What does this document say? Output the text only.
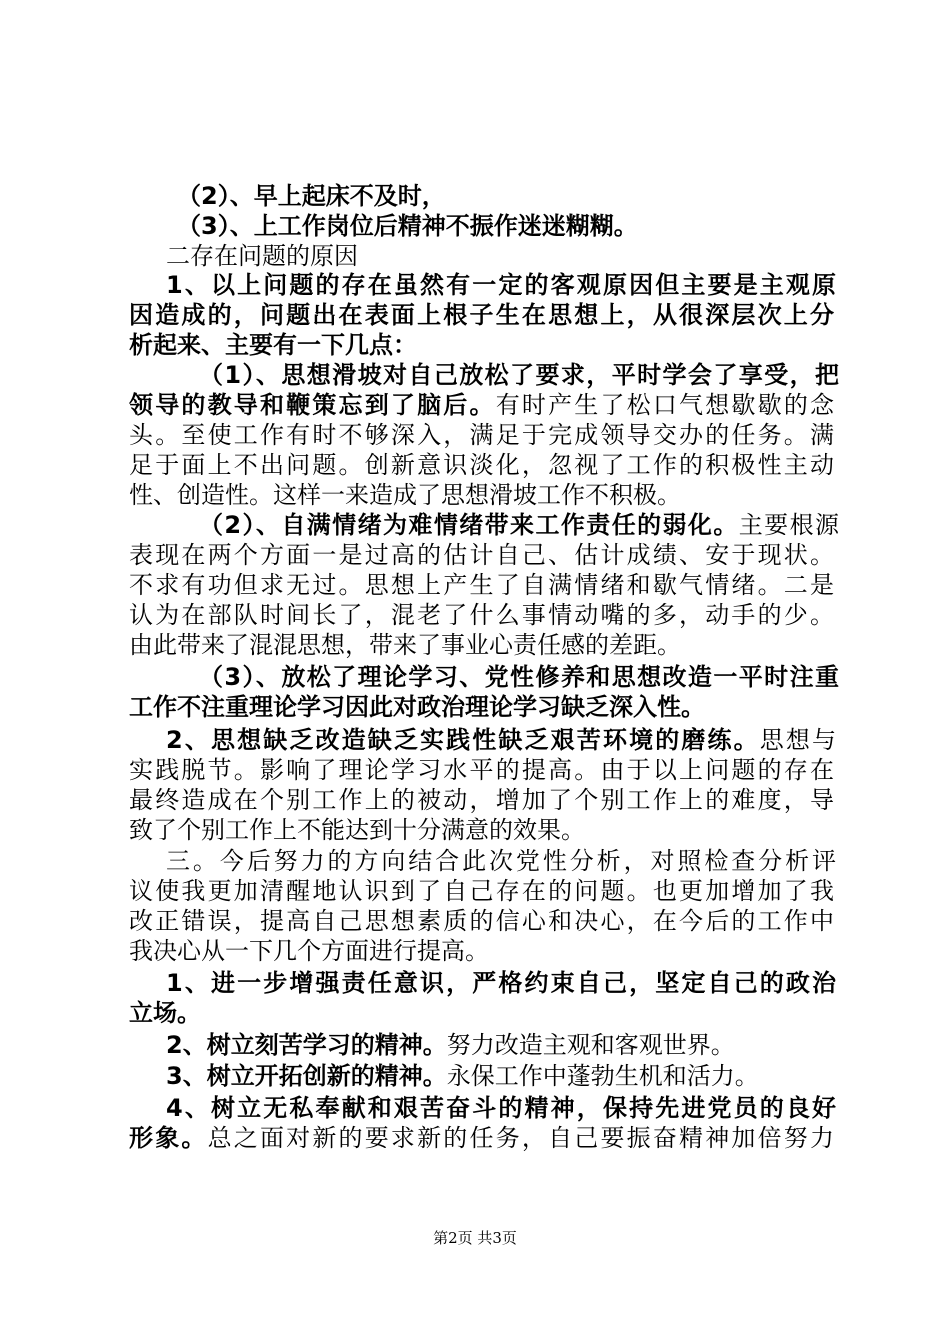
（2）、早上起床不及时，
（3）、上工作岗位后精神不振作迷迷糊糊。
二存在问题的原因
1、以上问题的存在虽然有一定的客观原因但主要是主观原
因造成的，问题出在表面上根子生在思想上，从很深层次上分
析起来、主要有一下几点：
（1）、思想滑坡对自己放松了要求，平时学会了享受，把
领导的教导和鞭策忘到了脑后。有时产生了松口气想歇歇的念
头。至使工作有时不够深入，满足于完成领导交办的任务。满
足于面上不出问题。创新意识淡化，忽视了工作的积极性主动
性、创造性。这样一来造成了思想滑坡工作不积极。
（2）、自满情绪为难情绪带来工作责任的弱化。主要根源
表现在两个方面一是过高的估计自己、估计成绩、安于现状。
不求有功但求无过。思想上产生了自满情绪和歇气情绪。二是
认为在部队时间长了，混老了什么事情动嘴的多，动手的少。
由此带来了混混思想，带来了事业心责任感的差距。
（3）、放松了理论学习、党性修养和思想改造一平时注重
工作不注重理论学习因此对政治理论学习缺乏深入性。
2、思想缺乏改造缺乏实践性缺乏艰苦环境的磨练。思想与
实践脱节。影响了理论学习水平的提高。由于以上问题的存在
最终造成在个别工作上的被动，增加了个别工作上的难度，导
致了个别工作上不能达到十分满意的效果。
三。今后努力的方向结合此次党性分析，对照检查分析评
议使我更加清醒地认识到了自己存在的问题。也更加增加了我
改正错误，提高自己思想素质的信心和决心，在今后的工作中
我决心从一下几个方面进行提高。
1、进一步增强责任意识，严格约束自己，坚定自己的政治
立场。
2、树立刻苦学习的精神。努力改造主观和客观世界。
3、树立开拓创新的精神。永保工作中蓬勃生机和活力。
4、树立无私奉献和艰苦奋斗的精神，保持先进党员的良好
形象。总之面对新的要求新的任务，自己要振奋精神加倍努力
第2页 共3页
